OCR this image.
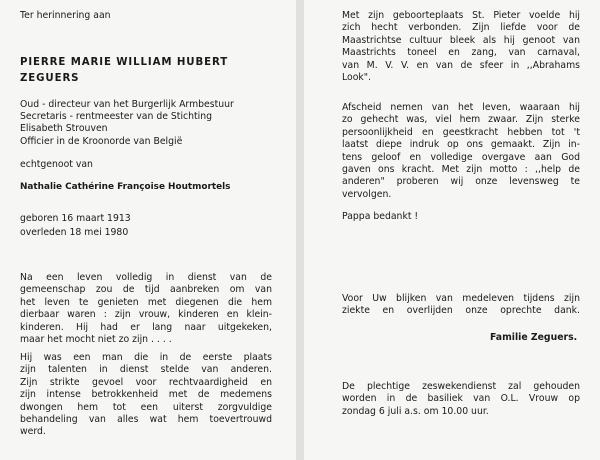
Ter herinnering aan
PIERRE MARIE WILLIAM HUBERT
ZEGUERS
Oud - directeur van het Burgerlijk Armbestuur
Secretaris - rentmeester van de Stichting
Elisabeth Strouven
Officier in de Kroonorde van België
echtgenoot van
Nathalie Cathérine Françoise Houtmortels
geboren 16 maart 1913
overleden 18 mei 1980
Na een leven volledig in dienst van de
gemeenschap zou de tijd aanbreken om van
het leven te genieten met diegenen die hem
dierbaar waren : zijn vrouw, kinderen en klein-
kinderen. Hij had er lang naar uitgekeken,
maar het mocht niet zo zijn . . . .
Hij was een man die in de eerste plaats
zijn talenten in dienst stelde van anderen.
Zijn strikte gevoel voor rechtvaardigheid en
zijn intense betrokkenheid met de medemens
dwongen hem tot een uiterst zorgvuldige
behandeling van alles wat hem toevertrouwd
werd.
Met zijn geboorteplaats St. Pieter voelde hij
zich hecht verbonden. Zijn liefde voor de
Maastrichtse cultuur bleek als hij genoot van
Maastrichts toneel en zang, van carnaval,
van M. V. V. en van de sfeer in ,,Abrahams
Look".
Afscheid nemen van het leven, waaraan hij
zo gehecht was, viel hem zwaar. Zijn sterke
persoonlijkheid en geestkracht hebben tot 't
laatst diepe indruk op ons gemaakt. Zijn in-
tens geloof en volledige overgave aan God
gaven ons kracht. Met zijn motto : ,,help de
anderen" proberen wij onze levensweg te
vervolgen.
Pappa bedankt !
Voor Uw blijken van medeleven tijdens zijn
ziekte en overlijden onze oprechte dank.
Familie Zeguers.
De plechtige zeswekendienst zal gehouden
worden in de basiliek van O.L. Vrouw op
zondag 6 juli a.s. om 10.00 uur.
